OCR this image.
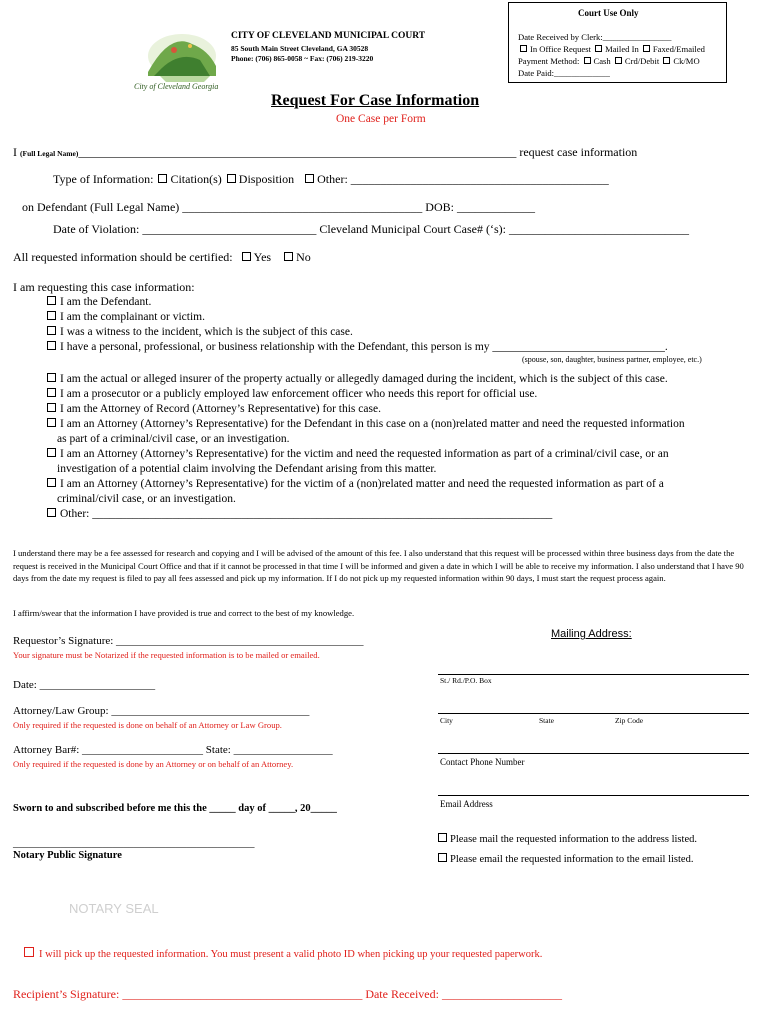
City of Cleveland Georgia
CITY OF CLEVELAND MUNICIPAL COURT
85 South Main Street Cleveland, GA 30528
Phone: (706) 865-0058 ~ Fax: (706) 219-3220
Court Use Only
Date Received by Clerk:________________
In Office Request Mailed In Faxed/Emailed
Payment Method: Cash Crd/Debit Ck/MO
Date Paid:_____________
Request For Case Information
One Case per Form
I (Full Legal Name)_________________________________________________________________________ request case information
Type of Information: Citation(s) Disposition Other: ___________________________________________
on Defendant (Full Legal Name) ________________________________________ DOB: _____________
Date of Violation: _____________________________ Cleveland Municipal Court Case# (‘s): ______________________________
All requested information should be certified: Yes No
I am requesting this case information:
I am the Defendant.
I am the complainant or victim.
I was a witness to the incident, which is the subject of this case.
I have a personal, professional, or business relationship with the Defendant, this person is my ______________________________.
(spouse, son, daughter, business partner, employee, etc.)
I am the actual or alleged insurer of the property actually or allegedly damaged during the incident, which is the subject of this case.
I am a prosecutor or a publicly employed law enforcement officer who needs this report for official use.
I am the Attorney of Record (Attorney’s Representative) for this case.
I am an Attorney (Attorney’s Representative) for the Defendant in this case on a (non)related matter and need the requested information
as part of a criminal/civil case, or an investigation.
I am an Attorney (Attorney’s Representative) for the victim and need the requested information as part of a criminal/civil case, or an
investigation of a potential claim involving the Defendant arising from this matter.
I am an Attorney (Attorney’s Representative) for the victim of a (non)related matter and need the requested information as part of a
criminal/civil case, or an investigation.
Other: ________________________________________________________________________________
I understand there may be a fee assessed for research and copying and I will be advised of the amount of this fee. I also understand that this request will be processed within three business days from the date the request is received in the Municipal Court Office and that if it cannot be processed in that time I will be informed and given a date in which I will be able to receive my information. I also understand that I have 90 days from the date my request is filed to pay all fees assessed and pick up my information. If I do not pick up my requested information within 90 days, I must start the request process again.
I affirm/swear that the information I have provided is true and correct to the best of my knowledge.
Requestor’s Signature: _____________________________________________
Your signature must be Notarized if the requested information is to be mailed or emailed.
Date: _____________________
Attorney/Law Group: ____________________________________
Only required if the requested is done on behalf of an Attorney or Law Group.
Attorney Bar#: ______________________ State: __________________
Only required if the requested is done by an Attorney or on behalf of an Attorney.
Sworn to and subscribed before me this the _____ day of _____, 20_____
______________________________________________
Notary Public Signature
NOTARY SEAL
Mailing Address:
St./ Rd./P.O. Box
City	State	Zip Code
Contact Phone Number
Email Address
Please mail the requested information to the address listed.
Please email the requested information to the email listed.
I will pick up the requested information. You must present a valid photo ID when picking up your requested paperwork.
Recipient’s Signature: ________________________________________ Date Received: ____________________
